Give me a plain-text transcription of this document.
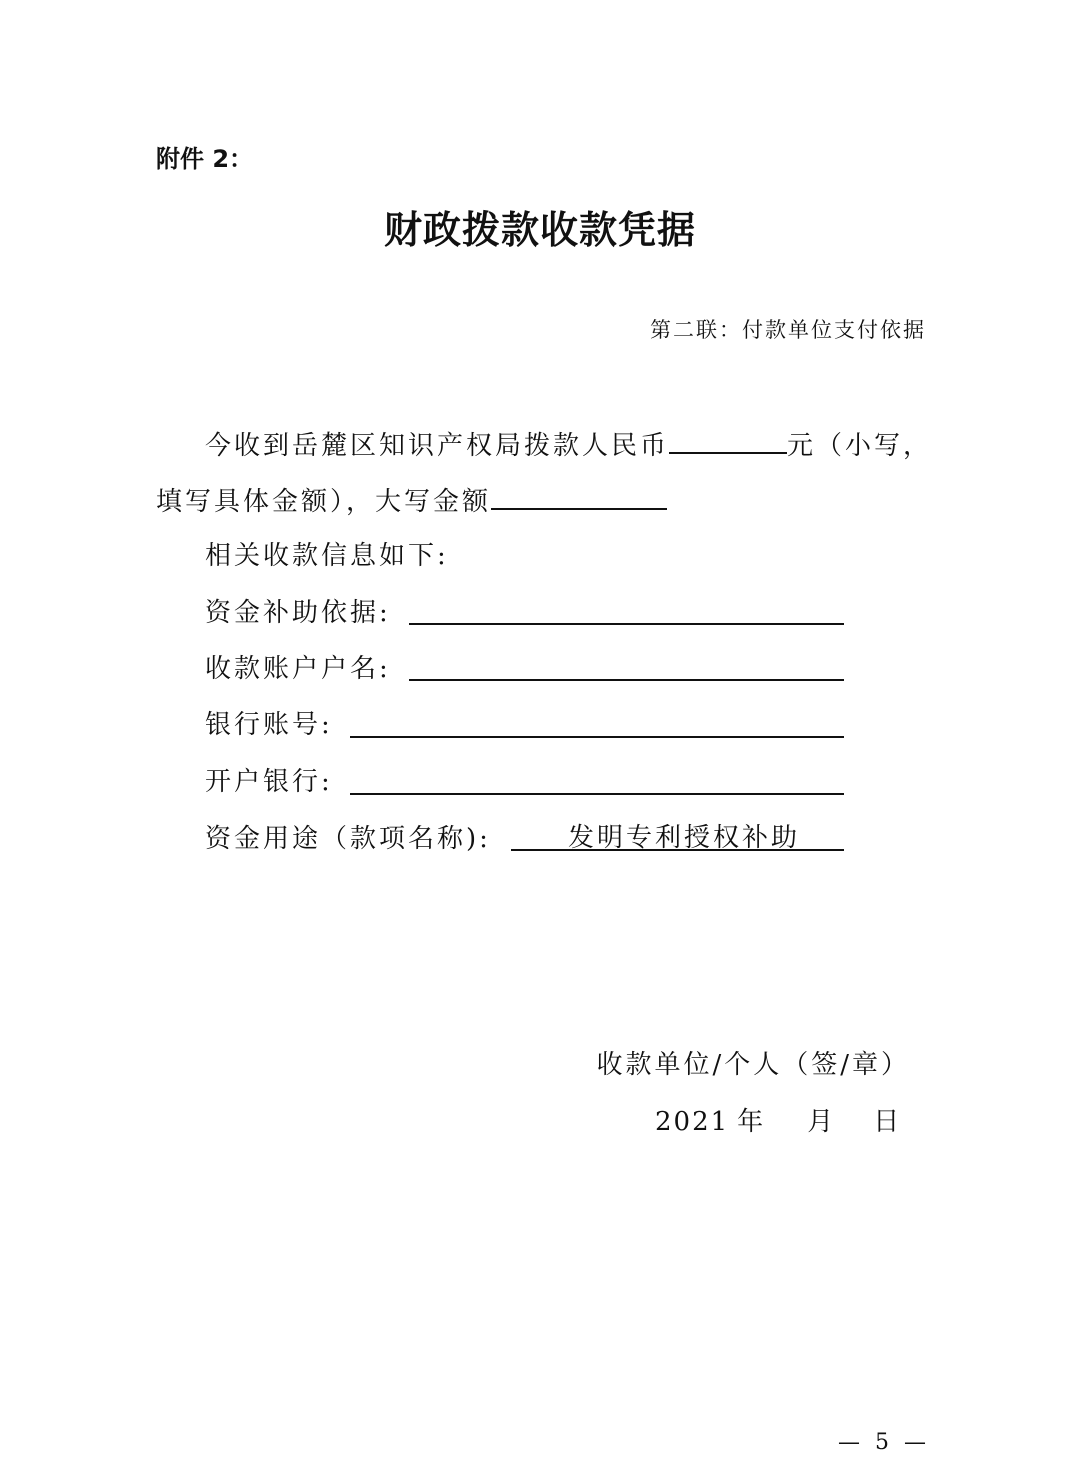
附件 2：
财政拨款收款凭据
第二联：付款单位支付依据
今收到岳麓区知识产权局拨款人民币	元（小写，
填写具体金额），大写金额
相关收款信息如下:
资金补助依据:
收款账户户名:
银行账号:
开户银行:
资金用途（款项名称):	发明专利授权补助
收款单位/个人（签/章）
2021 年 月 日
— 5 —
